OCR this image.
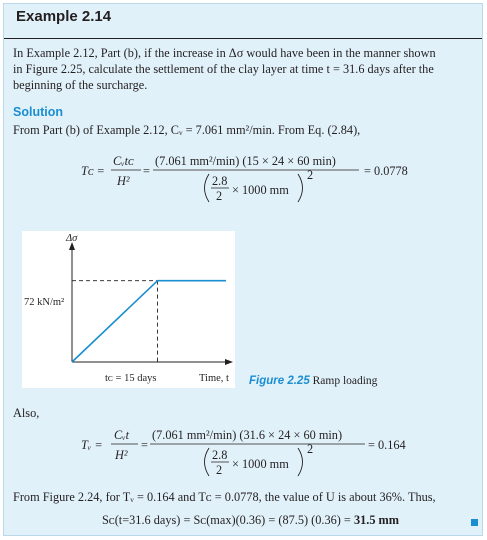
Example 2.14
In Example 2.12, Part (b), if the increase in Δσ would have been in the manner shown
in Figure 2.25, calculate the settlement of the clay layer at time t = 31.6 days after the
beginning of the surcharge.
Solution
From Part (b) of Example 2.12, Cᵥ = 7.061 mm²/min. From Eq. (2.84),
Tᴄ =
Cᵥtᴄ
H²
=
(7.061 mm²/min) (15 × 24 × 60 min)
2.8
2 × 1000 mm
2	= 0.0778
Δσ
Time, t
72 kN/m²
tᴄ = 15 days	Figure 2.25 Ramp loading
Also,
Tᵥ =
Cᵥt
H²
=
(7.061 mm²/min) (31.6 × 24 × 60 min)
2.8
2 × 1000 mm
2	= 0.164
From Figure 2.24, for Tᵥ = 0.164 and Tᴄ = 0.0778, the value of U is about 36%. Thus,
Sᴄ(t=31.6 days) = Sᴄ(max)(0.36) = (87.5) (0.36) = 31.5 mm
